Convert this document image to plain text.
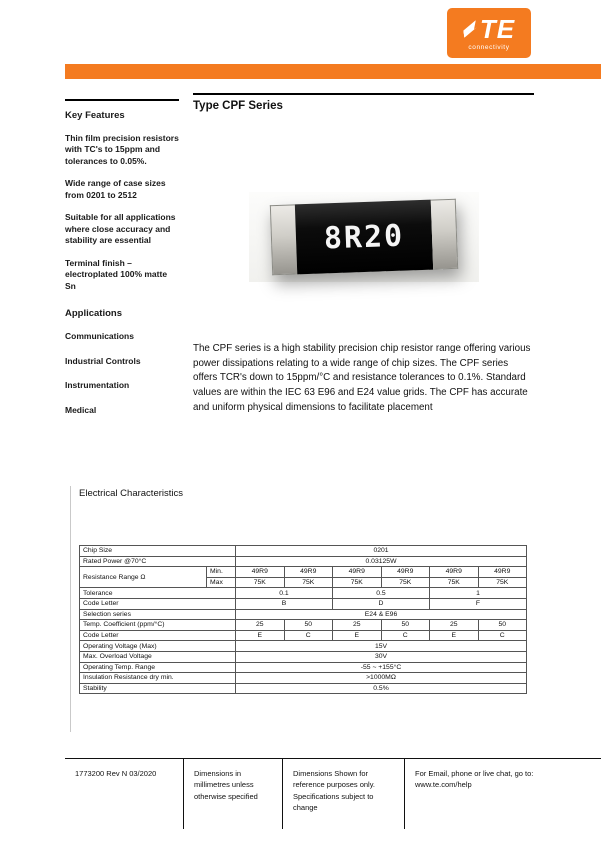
TE
connectivity
Key Features

Thin film precision resistors with TC's to 15ppm and tolerances to 0.05%.

Wide range of case sizes from 0201 to 2512

Suitable for all applications where close accuracy and stability are essential

Terminal finish – electroplated 100% matte Sn

Applications

Communications

Industrial Controls

Instrumentation

Medical

Type CPF Series
8R20

The CPF series is a high stability precision chip resistor range offering various power dissipations relating to a wide range of chip sizes. The CPF series offers TCR's down to 15ppm/°C and resistance tolerances to 0.1%. Standard values are within the IEC 63 E96 and E24 value grids. The CPF has accurate and uniform physical dimensions to facilitate placement

Electrical Characteristics
Chip Size		0201					
Rated Power @70°C		0.03125W					
Resistance Range Ω	Min.	49R9	49R9	49R9	49R9	49R9	49R9
	Max	75K	75K	75K	75K	75K	75K
Tolerance		0.1		0.5		1	
Code Letter		B		D		F	
Selection series		E24 & E96					
Temp. Coefficient (ppm/°C)		25	50	25	50	25	50
Code Letter		E	C	E	C	E	C
Operating Voltage (Max)		15V					
Max. Overload Voltage		30V					
Operating Temp. Range		-55 ~ +155°C					
Insulation Resistance dry min.		>1000MΩ					
Stability		0.5%					
1773200 Rev N 03/2020	Dimensions in millimetres unless otherwise specified
Dimensions Shown for reference purposes only. Specifications subject to change
For Email, phone or live chat, go to: www.te.com/help
